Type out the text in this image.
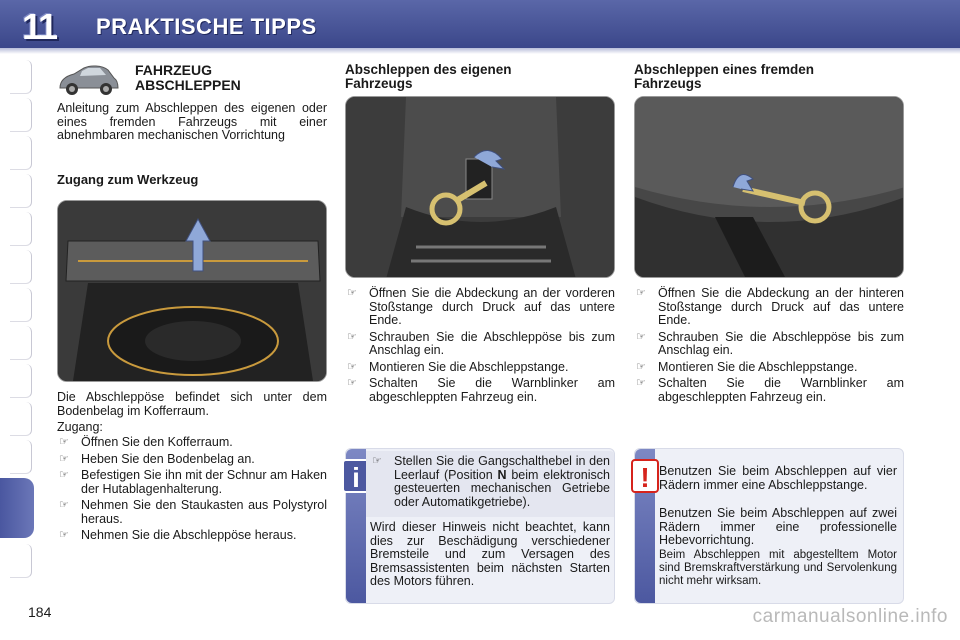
11	PRAKTISCHE TIPPS
FAHRZEUG
ABSCHLEPPEN
Anleitung zum Abschleppen des eigenen oder eines fremden Fahrzeugs mit einer abnehmbaren mechanischen Vorrichtung
Zugang zum Werkzeug
Die Abschleppöse befindet sich unter dem Bodenbelag im Kofferraum.
Zugang:
☞ Öffnen Sie den Kofferraum.
☞ Heben Sie den Bodenbelag an.
☞ Befestigen Sie ihn mit der Schnur am Haken der Hutablagenhalterung.
☞ Nehmen Sie den Staukasten aus Polystyrol heraus.
☞ Nehmen Sie die Abschleppöse heraus.
Abschleppen des eigenen
Fahrzeugs
☞ Öffnen Sie die Abdeckung an der vorderen Stoßstange durch Druck auf das untere Ende.
☞ Schrauben Sie die Abschleppöse bis zum Anschlag ein.
☞ Montieren Sie die Abschleppstange.
☞ Schalten Sie die Warnblinker am abgeschleppten Fahrzeug ein.
Abschleppen eines fremden
Fahrzeugs
☞ Öffnen Sie die Abdeckung an der hinteren Stoßstange durch Druck auf das untere Ende.
☞ Schrauben Sie die Abschleppöse bis zum Anschlag ein.
☞ Montieren Sie die Abschleppstange.
☞ Schalten Sie die Warnblinker am abgeschleppten Fahrzeug ein.
i
☞ Stellen Sie die Gangschalthebel in den Leerlauf (Position N beim elektronisch gesteuerten mechanischen Getriebe oder Automatikgetriebe).
Wird dieser Hinweis nicht beachtet, kann dies zur Beschädigung verschiedener Bremsteile und zum Versagen des Bremsassistenten beim nächsten Starten des Motors führen.
! Benutzen Sie beim Abschleppen auf vier Rädern immer eine Abschleppstange.
Benutzen Sie beim Abschleppen auf zwei Rädern immer eine professionelle Hebevorrichtung.
Beim Abschleppen mit abgestelltem Motor sind Bremskraftverstärkung und Servolenkung nicht mehr wirksam.
184	carmanualsonline.info
